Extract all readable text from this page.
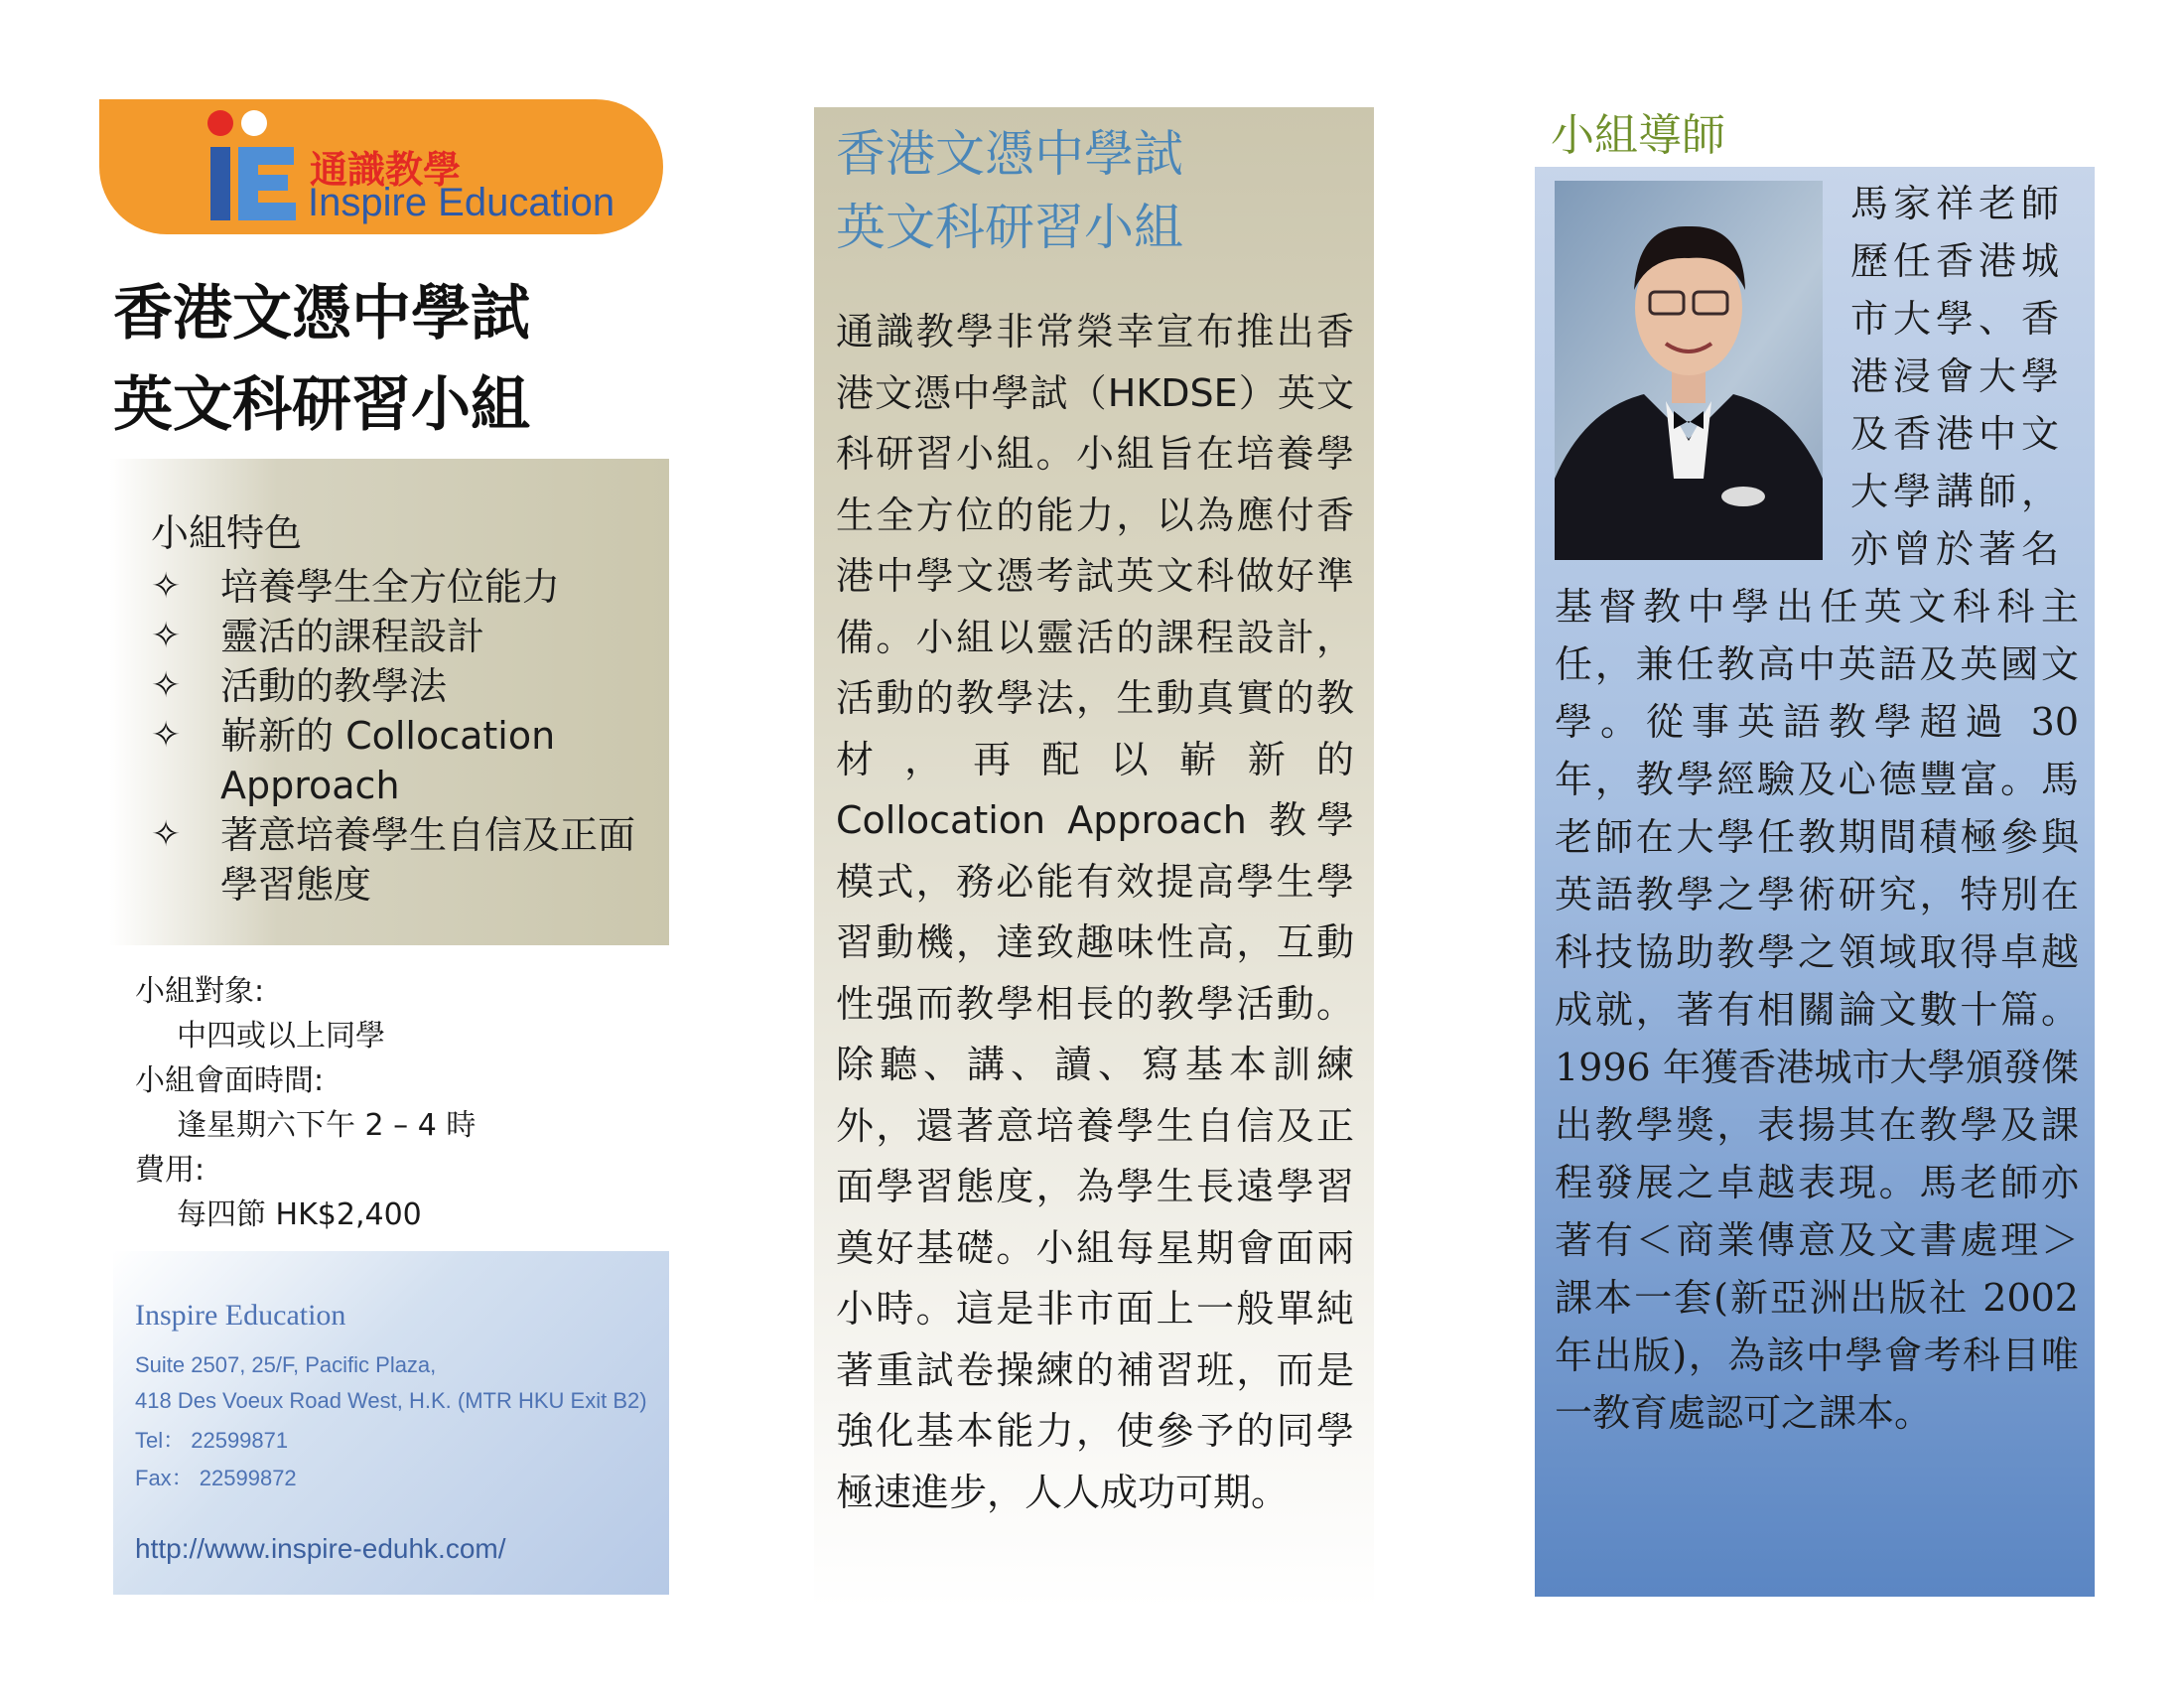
通識教學
Inspire Education
香港文憑中學試
英文科研習小組
小組特色
✧ 培養學生全方位能力
✧ 靈活的課程設計
✧ 活動的教學法
✧ 嶄新的 Collocation Approach
✧ 著意培養學生自信及正面學習態度
小組對象:
中四或以上同學
小組會面時間:
逢星期六下午 2 – 4 時
費用:
每四節 HK$2,400
Inspire Education
Suite 2507, 25/F, Pacific Plaza,
418 Des Voeux Road West, H.K. (MTR HKU Exit B2)
Tel： 22599871
Fax： 22599872
http://www.inspire-eduhk.com/
香港文憑中學試
英文科研習小組
通識教學非常榮幸宣布推出香港文憑中學試（HKDSE）英文科研習小組。小組旨在培養學生全方位的能力，以為應付香港中學文憑考試英文科做好準備。小組以靈活的課程設計，活動的教學法，生動真實的教材，再配以嶄新的 Collocation Approach 教學模式，務必能有效提高學生學習動機，達致趣味性高，互動性强而教學相長的教學活動。除聽、講、讀、寫基本訓練外，還著意培養學生自信及正面學習態度，為學生長遠學習奠好基礎。小組每星期會面兩小時。這是非市面上一般單純著重試卷操練的補習班，而是強化基本能力，使參予的同學極速進步，人人成功可期。
小組導師
馬家祥老師
歷任香港城
市大學、香
港浸會大學
及香港中文
大學講師，
亦曾於著名
基督教中學出任英文科科主任，兼任教高中英語及英國文學。從事英語教學超過 30 年，教學經驗及心德豐富。馬老師在大學任教期間積極參與英語教學之學術研究，特別在科技協助教學之領域取得卓越成就，著有相關論文數十篇。1996 年獲香港城市大學頒發傑出教學獎，表揚其在教學及課程發展之卓越表現。馬老師亦著有＜商業傳意及文書處理＞課本一套(新亞洲出版社 2002 年出版)，為該中學會考科目唯一教育處認可之課本。
